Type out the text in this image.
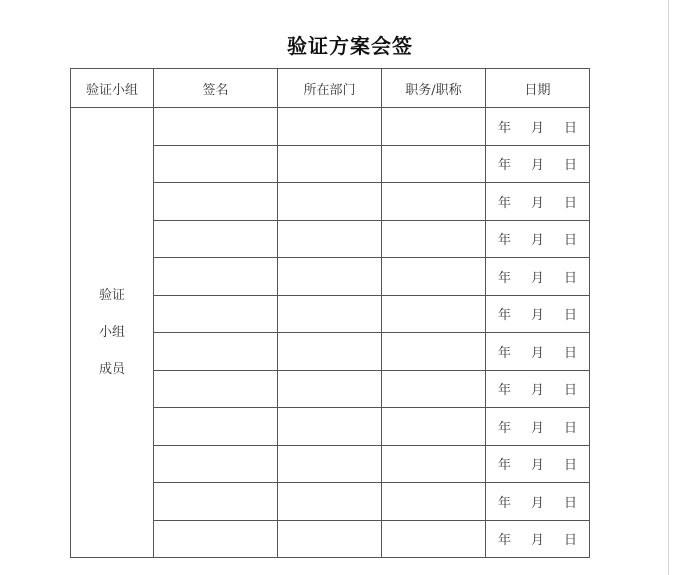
验证方案会签
验证小组	签名	所在部门	职务/职称	日期

验证
小组
成员				年 月 日
				年 月 日
				年 月 日
				年 月 日
				年 月 日
				年 月 日
				年 月 日
				年 月 日
				年 月 日
				年 月 日
				年 月 日
				年 月 日
